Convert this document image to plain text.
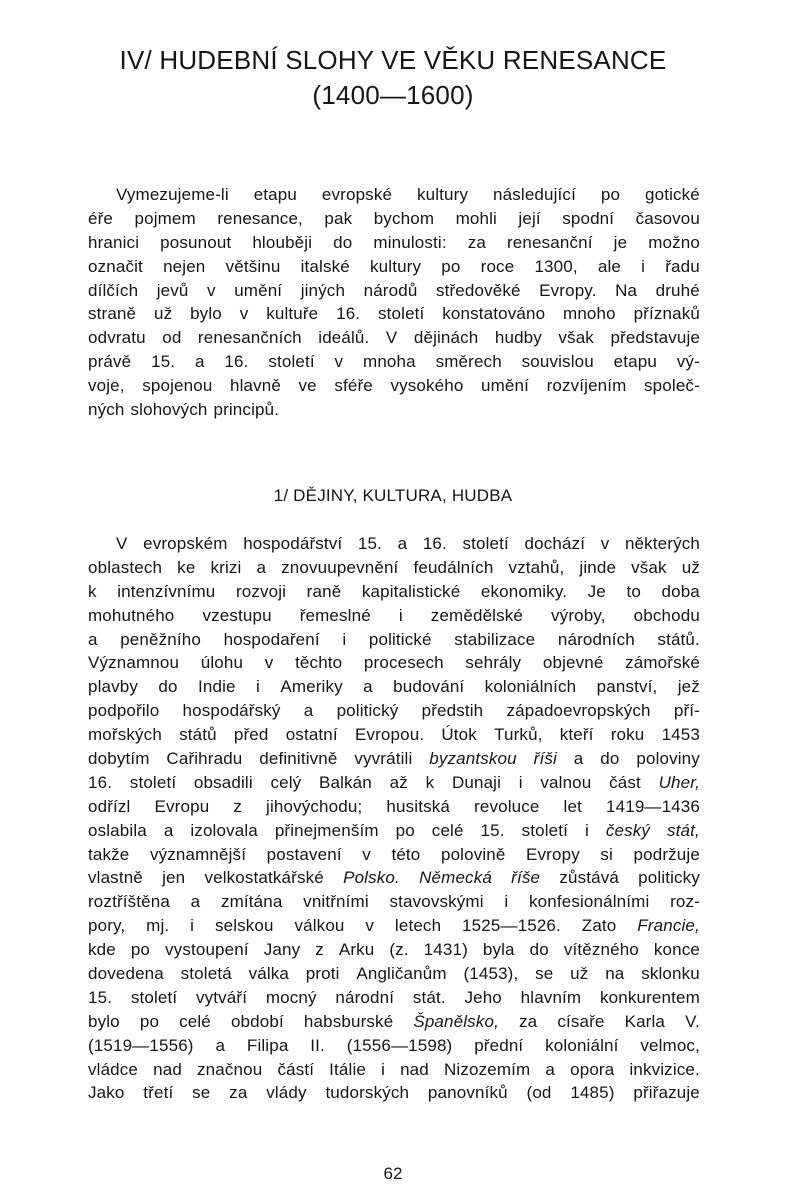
IV/ HUDEBNÍ SLOHY VE VĚKU RENESANCE
(1400—1600)
Vymezujeme-li etapu evropské kultury následující po gotické
éře pojmem renesance, pak bychom mohli její spodní časovou
hranici posunout hlouběji do minulosti: za renesanční je možno
označit nejen většinu italské kultury po roce 1300, ale i řadu
dílčích jevů v umění jiných národů středověké Evropy. Na druhé
straně už bylo v kultuře 16. století konstatováno mnoho příznaků
odvratu od renesančních ideálů. V dějinách hudby však představuje
právě 15. a 16. století v mnoha směrech souvislou etapu vý-
voje, spojenou hlavně ve sféře vysokého umění rozvíjením společ-
ných slohových principů.
1/ DĚJINY, KULTURA, HUDBA
V evropském hospodářství 15. a 16. století dochází v některých
oblastech ke krizi a znovuupevnění feudálních vztahů, jinde však už
k intenzívnímu rozvoji raně kapitalistické ekonomiky. Je to doba
mohutného vzestupu řemeslné i zemědělské výroby, obchodu
a peněžního hospodaření i politické stabilizace národních států.
Významnou úlohu v těchto procesech sehrály objevné zámořské
plavby do Indie i Ameriky a budování koloniálních panství, jež
podpořilo hospodářský a politický předstih západoevropských pří-
mořských států před ostatní Evropou. Útok Turků, kteří roku 1453
dobytím Cařihradu definitivně vyvrátili byzantskou říši a do poloviny
16. století obsadili celý Balkán až k Dunaji i valnou část Uher,
odřízl Evropu z jihovýchodu; husitská revoluce let 1419—1436
oslabila a izolovala přinejmenším po celé 15. století i český stát,
takže významnější postavení v této polovině Evropy si podržuje
vlastně jen velkostatkářské Polsko. Německá říše zůstává politicky
roztříštěna a zmítána vnitřními stavovskými i konfesionálními roz-
pory, mj. i selskou válkou v letech 1525—1526. Zato Francie,
kde po vystoupení Jany z Arku (z. 1431) byla do vítězného konce
dovedena stoletá válka proti Angličanům (1453), se už na sklonku
15. století vytváří mocný národní stát. Jeho hlavním konkurentem
bylo po celé období habsburské Španělsko, za císaře Karla V.
(1519—1556) a Filipa II. (1556—1598) přední koloniální velmoc,
vládce nad značnou částí Itálie i nad Nizozemím a opora inkvizice.
Jako třetí se za vlády tudorských panovníků (od 1485) přiřazuje
62
